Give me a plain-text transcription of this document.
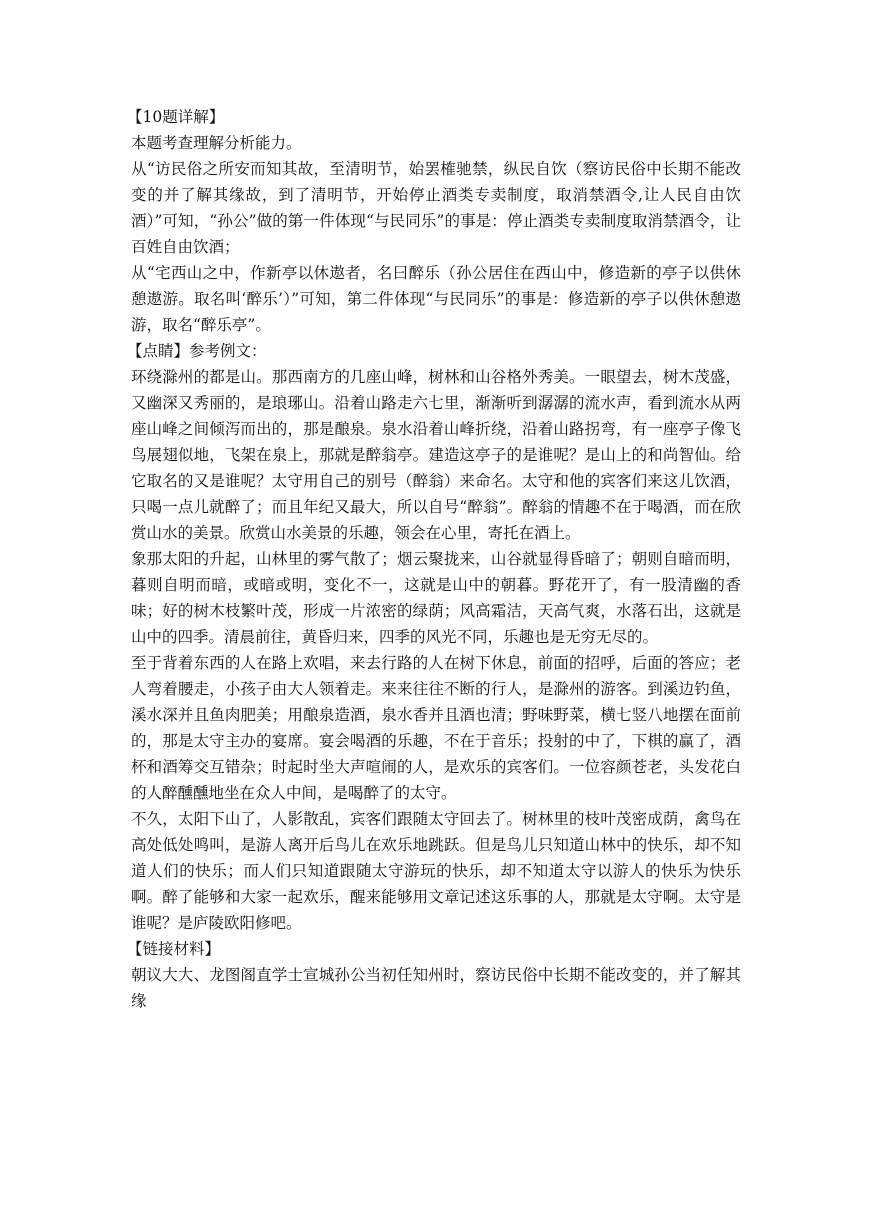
【10题详解】

本题考查理解分析能力。

从“访民俗之所安而知其故，至清明节，始罢榷驰禁，纵民自饮（察访民俗中长期不能改变的并了解其缘故，到了清明节，开始停止酒类专卖制度，取消禁酒令,让人民自由饮酒）”可知，“孙公”做的第一件体现“与民同乐”的事是：停止酒类专卖制度取消禁酒令，让百姓自由饮酒；

从“宅西山之中，作新亭以休遨者，名曰醉乐（孙公居住在西山中，修造新的亭子以供休憩遨游。取名叫‘醉乐’）”可知，第二件体现“与民同乐”的事是：修造新的亭子以供休憩遨游，取名“醉乐亭”。

【点睛】参考例文：

环绕滁州的都是山。那西南方的几座山峰，树林和山谷格外秀美。一眼望去，树木茂盛，又幽深又秀丽的，是琅琊山。沿着山路走六七里，渐渐听到潺潺的流水声，看到流水从两座山峰之间倾泻而出的，那是酿泉。泉水沿着山峰折绕，沿着山路拐弯，有一座亭子像飞鸟展翅似地，飞架在泉上，那就是醉翁亭。建造这亭子的是谁呢？是山上的和尚智仙。给它取名的又是谁呢？太守用自己的别号（醉翁）来命名。太守和他的宾客们来这儿饮酒，只喝一点儿就醉了；而且年纪又最大，所以自号“醉翁”。醉翁的情趣不在于喝酒，而在欣赏山水的美景。欣赏山水美景的乐趣，领会在心里，寄托在酒上。

象那太阳的升起，山林里的雾气散了；烟云聚拢来，山谷就显得昏暗了；朝则自暗而明，暮则自明而暗，或暗或明，变化不一，这就是山中的朝暮。野花开了，有一股清幽的香味；好的树木枝繁叶茂，形成一片浓密的绿荫；风高霜洁，天高气爽，水落石出，这就是山中的四季。清晨前往，黄昏归来，四季的风光不同，乐趣也是无穷无尽的。

至于背着东西的人在路上欢唱，来去行路的人在树下休息，前面的招呼，后面的答应；老人弯着腰走，小孩子由大人领着走。来来往往不断的行人，是滁州的游客。到溪边钓鱼，溪水深并且鱼肉肥美；用酿泉造酒，泉水香并且酒也清；野味野菜，横七竖八地摆在面前的，那是太守主办的宴席。宴会喝酒的乐趣，不在于音乐；投射的中了，下棋的赢了，酒杯和酒筹交互错杂；时起时坐大声喧闹的人，是欢乐的宾客们。一位容颜苍老，头发花白的人醉醺醺地坐在众人中间，是喝醉了的太守。

不久，太阳下山了，人影散乱，宾客们跟随太守回去了。树林里的枝叶茂密成荫，禽鸟在高处低处鸣叫，是游人离开后鸟儿在欢乐地跳跃。但是鸟儿只知道山林中的快乐，却不知道人们的快乐；而人们只知道跟随太守游玩的快乐，却不知道太守以游人的快乐为快乐啊。醉了能够和大家一起欢乐，醒来能够用文章记述这乐事的人，那就是太守啊。太守是谁呢？是庐陵欧阳修吧。

【链接材料】

朝议大大、龙图阁直学士宣城孙公当初任知州时，察访民俗中长期不能改变的，并了解其缘
